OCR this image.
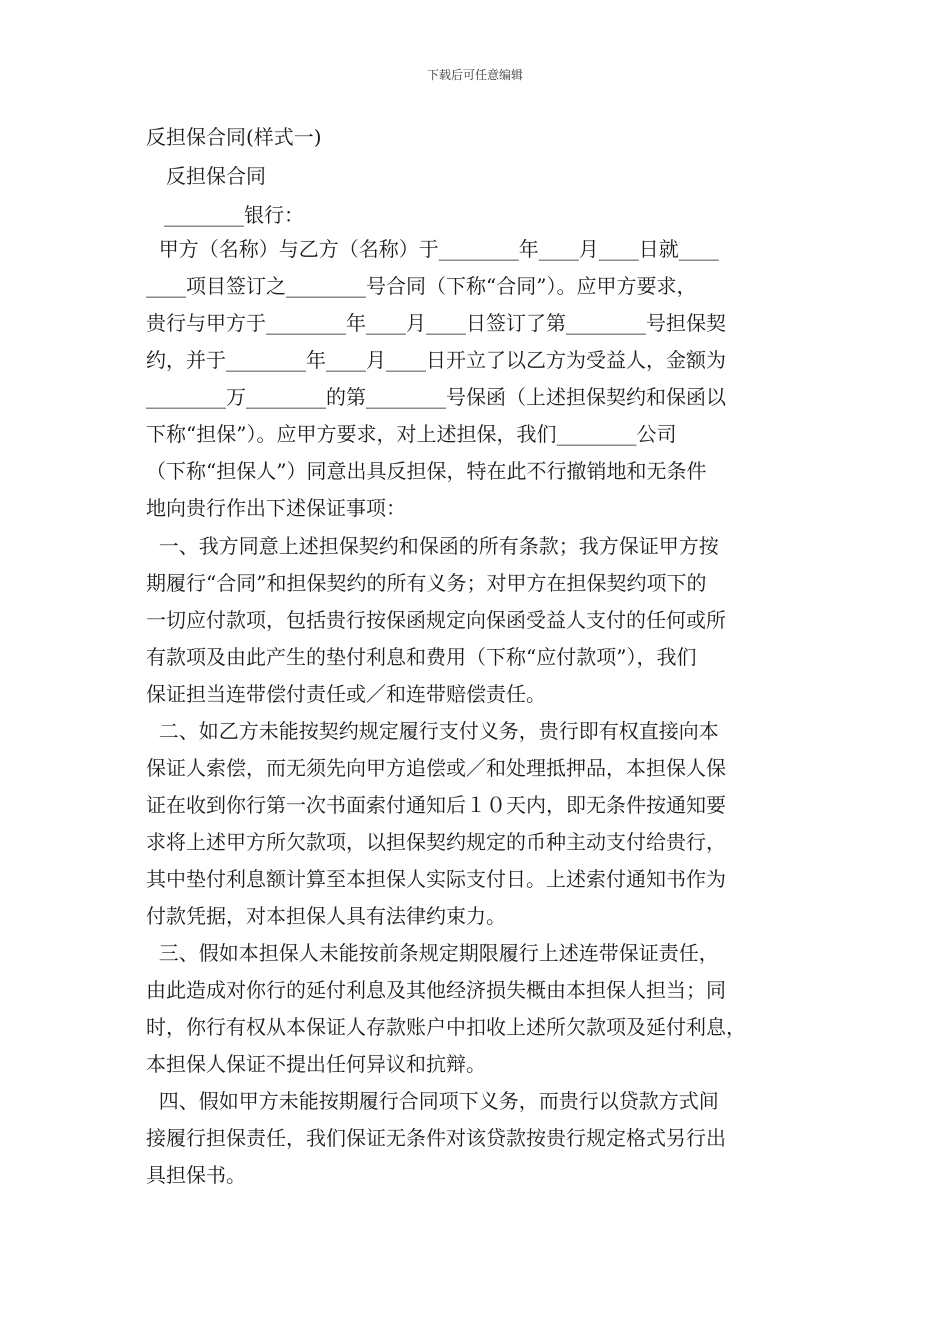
下载后可任意编辑
反担保合同(样式一)
反担保合同
________银行：
甲方（名称）与乙方（名称）于________年____月____日就____
____项目签订之________号合同（下称“合同”）。应甲方要求，
贵行与甲方于________年____月____日签订了第________号担保契
约，并于________年____月____日开立了以乙方为受益人，金额为
________万________的第________号保函（上述担保契约和保函以
下称“担保”）。应甲方要求，对上述担保，我们________公司
（下称“担保人”）同意出具反担保，特在此不行撤销地和无条件
地向贵行作出下述保证事项：
一、我方同意上述担保契约和保函的所有条款；我方保证甲方按
期履行“合同”和担保契约的所有义务；对甲方在担保契约项下的
一切应付款项，包括贵行按保函规定向保函受益人支付的任何或所
有款项及由此产生的垫付利息和费用（下称“应付款项”），我们
保证担当连带偿付责任或／和连带赔偿责任。
二、如乙方未能按契约规定履行支付义务，贵行即有权直接向本
保证人索偿，而无须先向甲方追偿或／和处理抵押品，本担保人保
证在收到你行第一次书面索付通知后１０天内，即无条件按通知要
求将上述甲方所欠款项，以担保契约规定的币种主动支付给贵行，
其中垫付利息额计算至本担保人实际支付日。上述索付通知书作为
付款凭据，对本担保人具有法律约束力。
三、假如本担保人未能按前条规定期限履行上述连带保证责任，
由此造成对你行的延付利息及其他经济损失概由本担保人担当；同
时，你行有权从本保证人存款账户中扣收上述所欠款项及延付利息，
本担保人保证不提出任何异议和抗辩。
四、假如甲方未能按期履行合同项下义务，而贵行以贷款方式间
接履行担保责任，我们保证无条件对该贷款按贵行规定格式另行出
具担保书。
